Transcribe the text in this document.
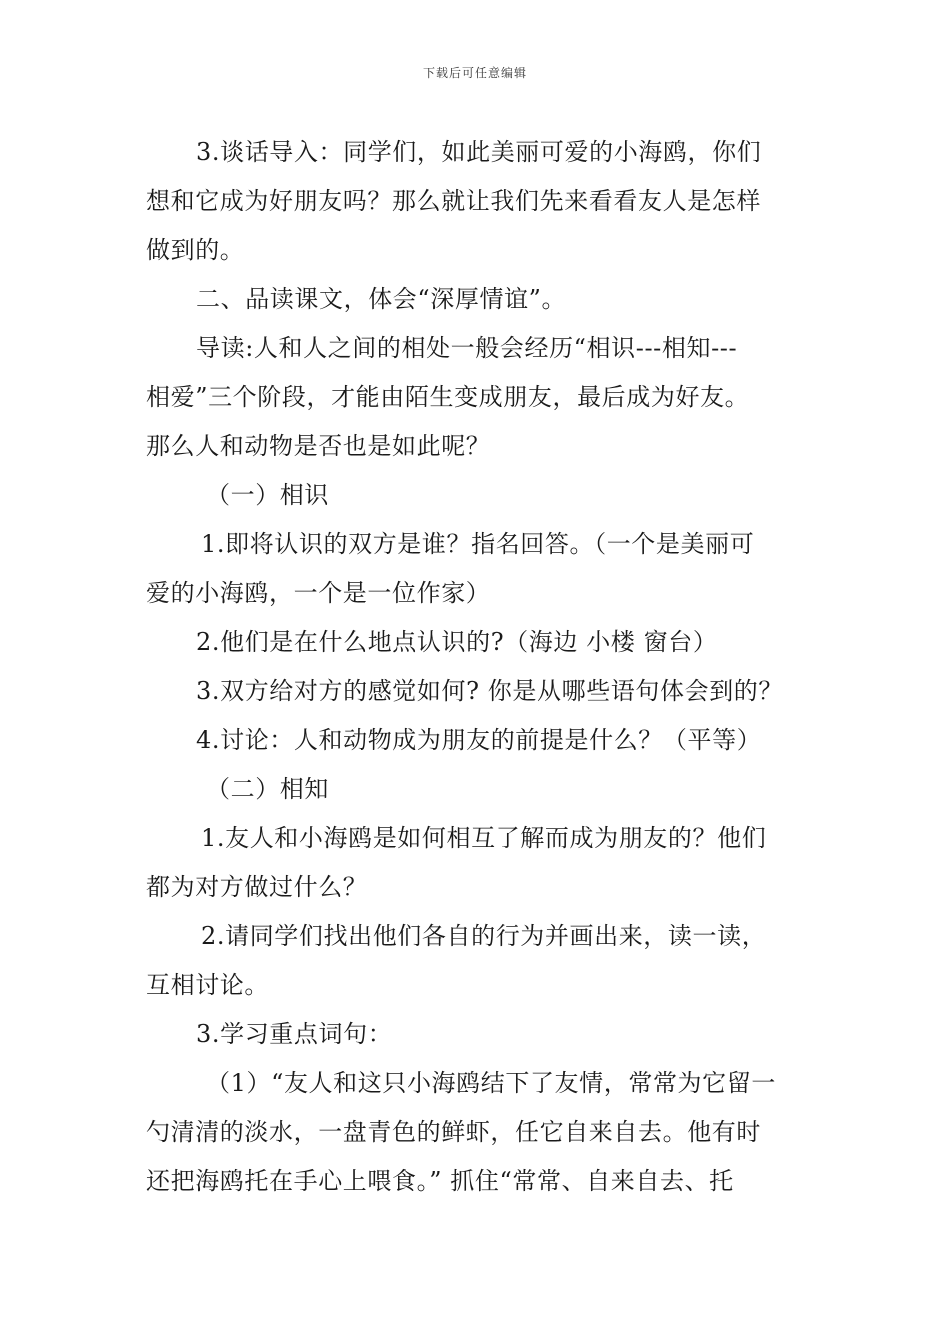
下载后可任意编辑
3.谈话导入：同学们，如此美丽可爱的小海鸥，你们
想和它成为好朋友吗？那么就让我们先来看看友人是怎样
做到的。
二、品读课文，体会“深厚情谊”。
导读:人和人之间的相处一般会经历“相识---相知---
相爱”三个阶段，才能由陌生变成朋友，最后成为好友。
那么人和动物是否也是如此呢？
（一）相识
1.即将认识的双方是谁？指名回答。（一个是美丽可
爱的小海鸥，一个是一位作家）
2.他们是在什么地点认识的?（海边 小楼 窗台）
3.双方给对方的感觉如何? 你是从哪些语句体会到的？
4.讨论：人和动物成为朋友的前提是什么？（平等）
（二）相知
1.友人和小海鸥是如何相互了解而成为朋友的？他们
都为对方做过什么？
2.请同学们找出他们各自的行为并画出来，读一读，
互相讨论。
3.学习重点词句：
（1）“友人和这只小海鸥结下了友情，常常为它留一
勺清清的淡水，一盘青色的鲜虾，任它自来自去。他有时
还把海鸥托在手心上喂食。” 抓住“常常、自来自去、托
